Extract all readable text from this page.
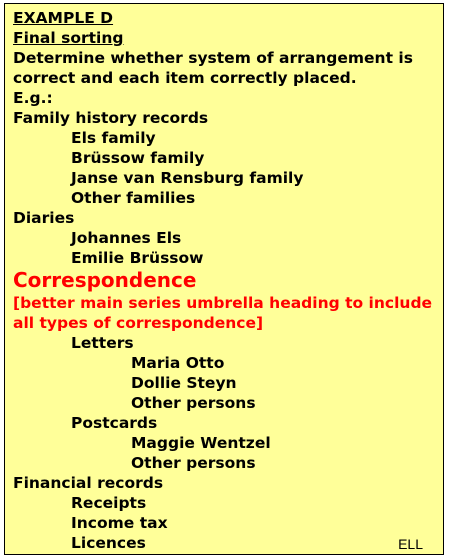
EXAMPLE D
Final sorting
Determine whether system of arrangement is correct and each item correctly placed.
E.g.:
Family history records
Els family
Brüssow family
Janse van Rensburg family
Other families
Diaries
Johannes Els
Emilie Brüssow
Correspondence
[better main series umbrella heading to include all types of correspondence]
Letters
Maria Otto
Dollie Steyn
Other persons
Postcards
Maggie Wentzel
Other persons
Financial records
Receipts
Income tax
Licences	ELL
